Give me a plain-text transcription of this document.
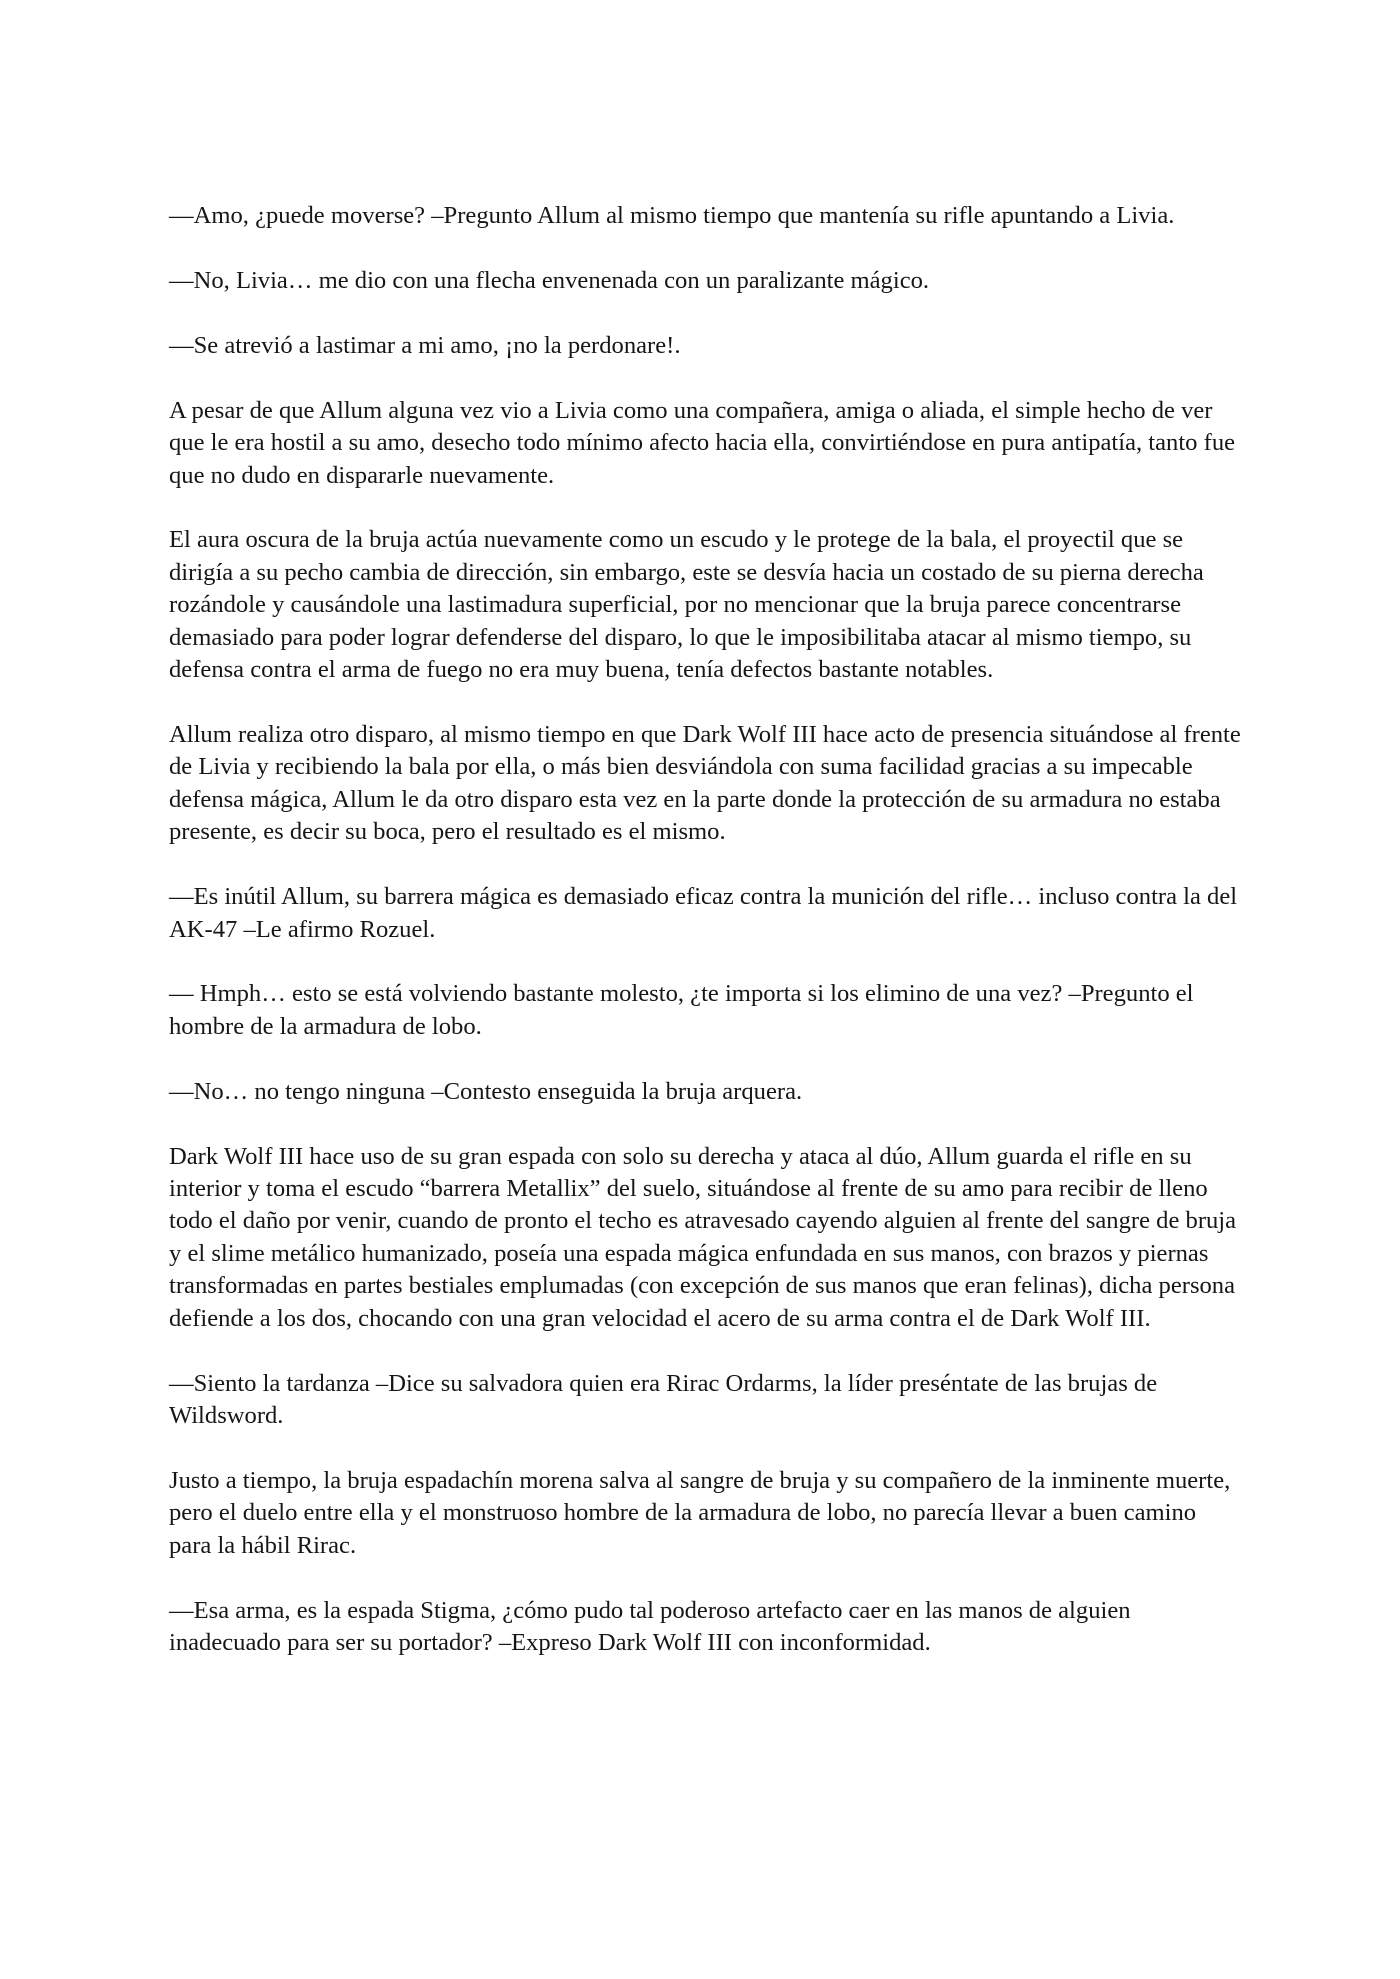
—Amo, ¿puede moverse? –Pregunto Allum al mismo tiempo que mantenía su rifle apuntando a Livia.

—No, Livia… me dio con una flecha envenenada con un paralizante mágico.

—Se atrevió a lastimar a mi amo, ¡no la perdonare!.

A pesar de que Allum alguna vez vio a Livia como una compañera, amiga o aliada, el simple hecho de ver que le era hostil a su amo, desecho todo mínimo afecto hacia ella, convirtiéndose en pura antipatía, tanto fue que no dudo en dispararle nuevamente.

El aura oscura de la bruja actúa nuevamente como un escudo y le protege de la bala, el proyectil que se dirigía a su pecho cambia de dirección, sin embargo, este se desvía hacia un costado de su pierna derecha rozándole y causándole una lastimadura superficial, por no mencionar que la bruja parece concentrarse demasiado para poder lograr defenderse del disparo, lo que le imposibilitaba atacar al mismo tiempo, su defensa contra el arma de fuego no era muy buena, tenía defectos bastante notables.

Allum realiza otro disparo, al mismo tiempo en que Dark Wolf III hace acto de presencia situándose al frente de Livia y recibiendo la bala por ella, o más bien desviándola con suma facilidad gracias a su impecable defensa mágica, Allum le da otro disparo esta vez en la parte donde la protección de su armadura no estaba presente, es decir su boca, pero el resultado es el mismo.

—Es inútil Allum, su barrera mágica es demasiado eficaz contra la munición del rifle… incluso contra la del AK-47 –Le afirmo Rozuel.

— Hmph… esto se está volviendo bastante molesto, ¿te importa si los elimino de una vez? –Pregunto el hombre de la armadura de lobo.

—No… no tengo ninguna –Contesto enseguida la bruja arquera.

Dark Wolf III hace uso de su gran espada con solo su derecha y ataca al dúo, Allum guarda el rifle en su interior y toma el escudo “barrera Metallix” del suelo, situándose al frente de su amo para recibir de lleno todo el daño por venir, cuando de pronto el techo es atravesado cayendo alguien al frente del sangre de bruja y el slime metálico humanizado, poseía una espada mágica enfundada en sus manos, con brazos y piernas transformadas en partes bestiales emplumadas (con excepción de sus manos que eran felinas), dicha persona defiende a los dos, chocando con una gran velocidad el acero de su arma contra el de Dark Wolf III.

—Siento la tardanza –Dice su salvadora quien era Rirac Ordarms, la líder preséntate de las brujas de Wildsword.

Justo a tiempo, la bruja espadachín morena salva al sangre de bruja y su compañero de la inminente muerte, pero el duelo entre ella y el monstruoso hombre de la armadura de lobo, no parecía llevar a buen camino para la hábil Rirac.

—Esa arma, es la espada Stigma, ¿cómo pudo tal poderoso artefacto caer en las manos de alguien inadecuado para ser su portador? –Expreso Dark Wolf III con inconformidad.
